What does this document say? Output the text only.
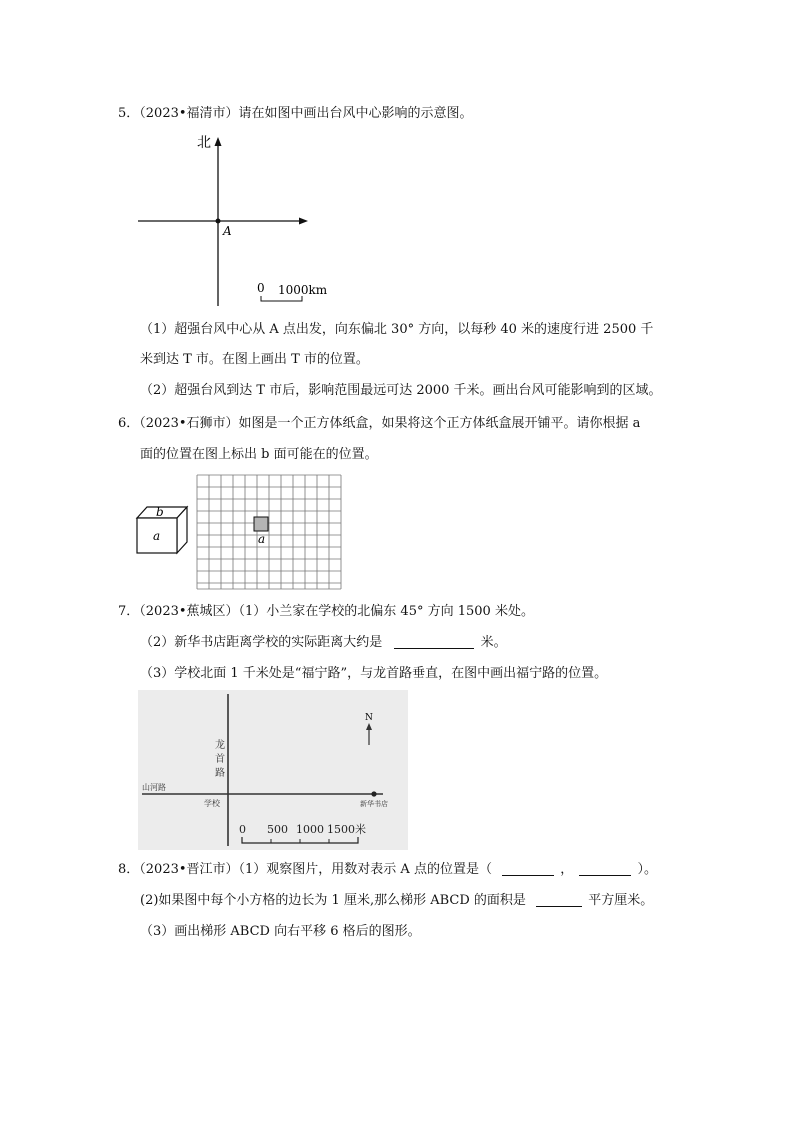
5．（2023•福清市）请在如图中画出台风中心影响的示意图。
北
A
0 1000km
（1）超强台风中心从 A 点出发，向东偏北 30° 方向，以每秒 40 米的速度行进 2500 千
米到达 T 市。在图上画出 T 市的位置。
（2）超强台风到达 T 市后，影响范围最远可达 2000 千米。画出台风可能影响到的区域。
6．（2023•石狮市）如图是一个正方体纸盒，如果将这个正方体纸盒展开铺平。请你根据 a
面的位置在图上标出 b 面可能在的位置。
b
a	a
7．（2023•蕉城区）（1）小兰家在学校的北偏东 45° 方向 1500 米处。
（2）新华书店距离学校的实际距离大约是	米。
（3）学校北面 1 千米处是“福宁路”，与龙首路垂直，在图中画出福宁路的位置。
N
龙
首
路
山河路
学校	新华书店
0 500 1000 1500米
8．（2023•晋江市）（1）观察图片，用数对表示 A 点的位置是（	，	）。
(2)如果图中每个小方格的边长为 1 厘米,那么梯形 ABCD 的面积是	平方厘米。
（3）画出梯形 ABCD 向右平移 6 格后的图形。
